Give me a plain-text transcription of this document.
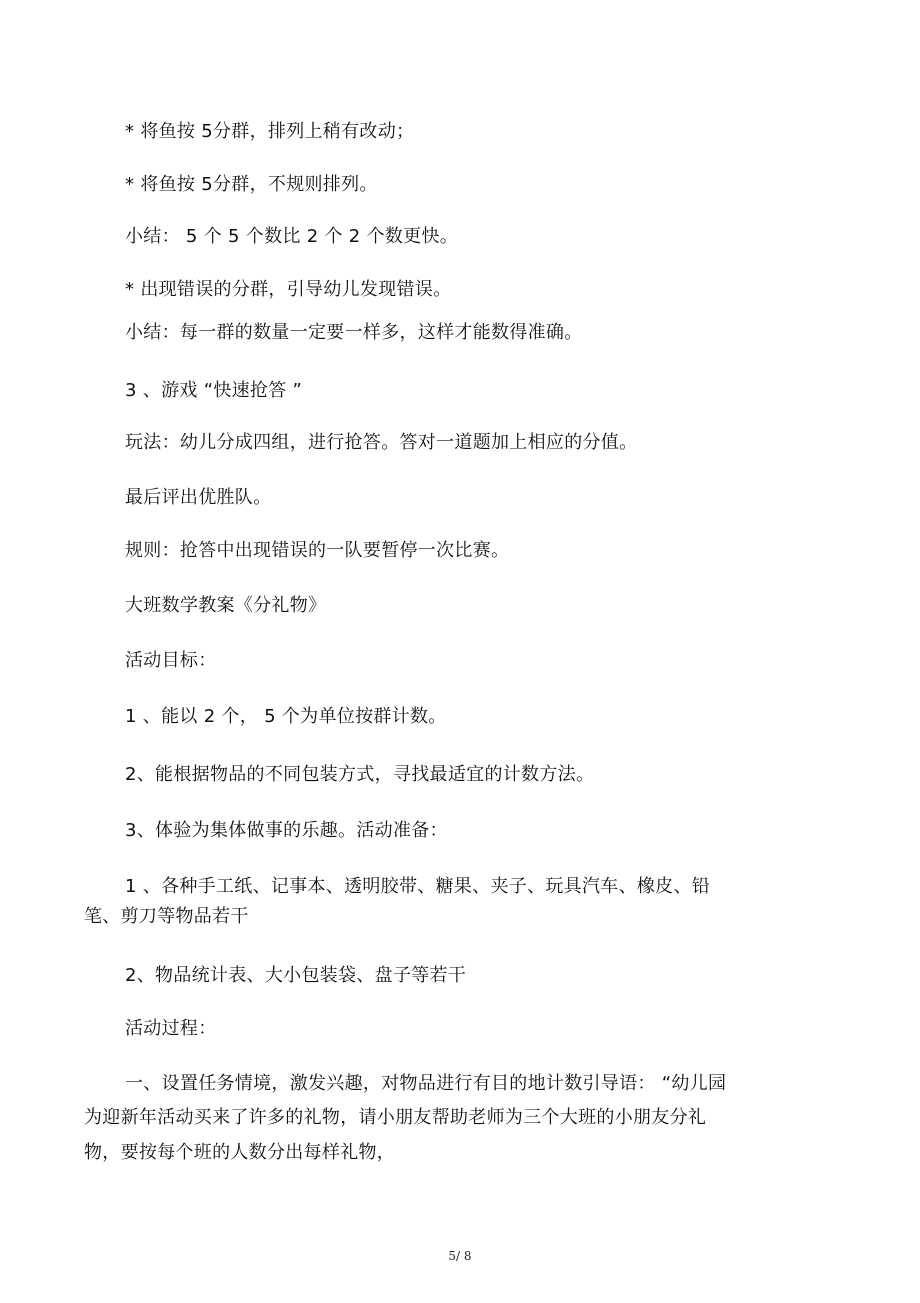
* 将鱼按 5分群，排列上稍有改动；
* 将鱼按 5分群，不规则排列。
小结： 5 个 5 个数比 2 个 2 个数更快。
* 出现错误的分群，引导幼儿发现错误。
小结：每一群的数量一定要一样多，这样才能数得准确。
3 、游戏 “快速抢答 ”
玩法：幼儿分成四组，进行抢答。答对一道题加上相应的分值。
最后评出优胜队。
规则：抢答中出现错误的一队要暂停一次比赛。
大班数学教案《分礼物》
活动目标：
1 、能以 2 个， 5 个为单位按群计数。
2、能根据物品的不同包装方式，寻找最适宜的计数方法。
3、体验为集体做事的乐趣。活动准备：
1 、各种手工纸、记事本、透明胶带、糖果、夹子、玩具汽车、橡皮、铅
笔、剪刀等物品若干
2、物品统计表、大小包装袋、盘子等若干
活动过程：
一、设置任务情境，激发兴趣，对物品进行有目的地计数引导语： “幼儿园
为迎新年活动买来了许多的礼物，请小朋友帮助老师为三个大班的小朋友分礼
物，要按每个班的人数分出每样礼物，
5/ 8
